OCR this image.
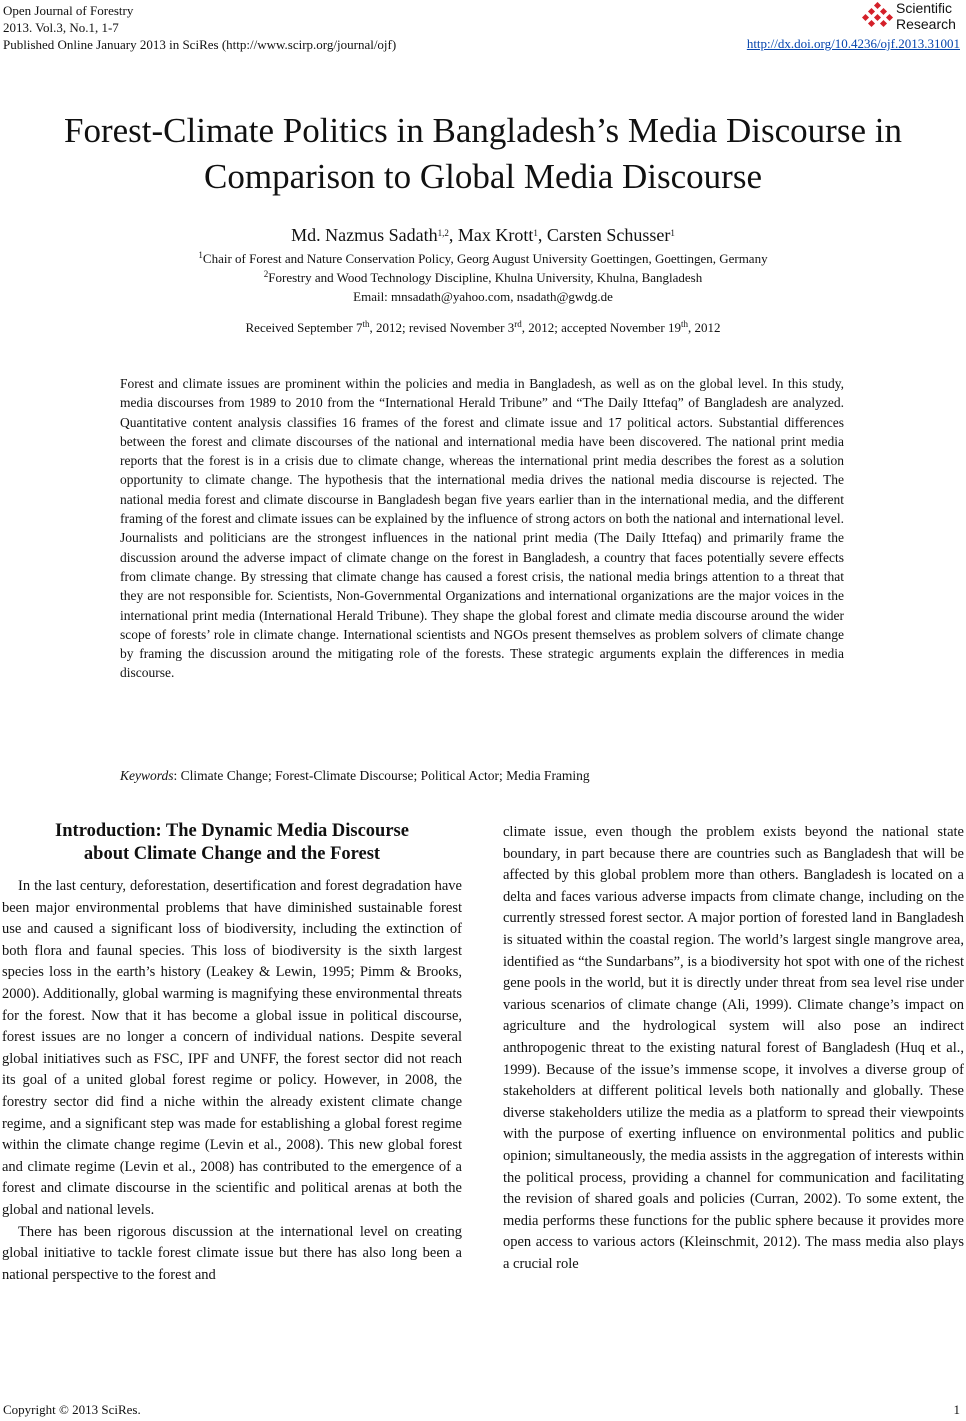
Open Journal of Forestry
2013. Vol.3, No.1, 1-7
Published Online January 2013 in SciRes (http://www.scirp.org/journal/ojf)
Scientific
Research
http://dx.doi.org/10.4236/ojf.2013.31001
Forest-Climate Politics in Bangladesh’s Media Discourse in
Comparison to Global Media Discourse
Md. Nazmus Sadath$^{1,2}$, Max Krott$^1$, Carsten Schusser$^1$
$^1$Chair of Forest and Nature Conservation Policy, Georg August University Goettingen, Goettingen, Germany
$^2$Forestry and Wood Technology Discipline, Khulna University, Khulna, Bangladesh
Email: mnsadath@yahoo.com, nsadath@gwdg.de
Received September 7th, 2012; revised November 3rd, 2012; accepted November 19th, 2012
Forest and climate issues are prominent within the policies and media in Bangladesh, as well as on the global level. In this study, media discourses from 1989 to 2010 from the “International Herald Tribune” and “The Daily Ittefaq” of Bangladesh are analyzed. Quantitative content analysis classifies 16 frames of the forest and climate issue and 17 political actors. Substantial differences between the forest and climate discourses of the national and international media have been discovered. The national print media reports that the forest is in a crisis due to climate change, whereas the international print media describes the forest as a solution opportunity to climate change. The hypothesis that the international media drives the national media discourse is rejected. The national media forest and climate discourse in Bangladesh began five years earlier than in the international media, and the different framing of the forest and climate issues can be explained by the influence of strong actors on both the national and international level. Journalists and politicians are the strongest influences in the national print media (The Daily Ittefaq) and primarily frame the discussion around the adverse impact of climate change on the forest in Bangladesh, a country that faces potentially severe effects from climate change. By stressing that climate change has caused a forest crisis, the national media brings attention to a threat that they are not responsible for. Scientists, Non-Governmental Organizations and international organizations are the major voices in the international print media (International Herald Tribune). They shape the global forest and climate media discourse around the wider scope of forests’ role in climate change. International scientists and NGOs present themselves as problem solvers of climate change by framing the discussion around the mitigating role of the forests. These strategic arguments explain the differences in media discourse.
Keywords: Climate Change; Forest-Climate Discourse; Political Actor; Media Framing
Introduction: The Dynamic Media Discourse
about Climate Change and the Forest

In the last century, deforestation, desertification and forest degradation have been major environmental problems that have diminished sustainable forest use and caused a significant loss of biodiversity, including the extinction of both flora and faunal species. This loss of biodiversity is the sixth largest species loss in the earth’s history (Leakey & Lewin, 1995; Pimm & Brooks, 2000). Additionally, global warming is magnifying these environmental threats for the forest. Now that it has become a global issue in political discourse, forest issues are no longer a concern of individual nations. Despite several global initiatives such as FSC, IPF and UNFF, the forest sector did not reach its goal of a united global forest regime or policy. However, in 2008, the forestry sector did find a niche within the already existent climate change regime, and a significant step was made for establishing a global forest regime within the climate change regime (Levin et al., 2008). This new global forest and climate regime (Levin et al., 2008) has contributed to the emergence of a forest and climate discourse in the scientific and political arenas at both the global and national levels.

There has been rigorous discussion at the international level on creating global initiative to tackle forest climate issue but there has also long been a national perspective to the forest and

climate issue, even though the problem exists beyond the national state boundary, in part because there are countries such as Bangladesh that will be affected by this global problem more than others. Bangladesh is located on a delta and faces various adverse impacts from climate change, including on the currently stressed forest sector. A major portion of forested land in Bangladesh is situated within the coastal region. The world’s largest single mangrove area, identified as “the Sundarbans”, is a biodiversity hot spot with one of the richest gene pools in the world, but it is directly under threat from sea level rise under various scenarios of climate change (Ali, 1999). Climate change’s impact on agriculture and the hydrological system will also pose an indirect anthropogenic threat to the existing natural forest of Bangladesh (Huq et al., 1999). Because of the issue’s immense scope, it involves a diverse group of stakeholders at different political levels both nationally and globally. These diverse stakeholders utilize the media as a platform to spread their viewpoints with the purpose of exerting influence on environmental politics and public opinion; simultaneously, the media assists in the aggregation of interests within the political process, providing a channel for communication and facilitating the revision of shared goals and policies (Curran, 2002). To some extent, the media performs these functions for the public sphere because it provides more open access to various actors (Kleinschmit, 2012). The mass media also plays a crucial role

Copyright © 2013 SciRes.	1
